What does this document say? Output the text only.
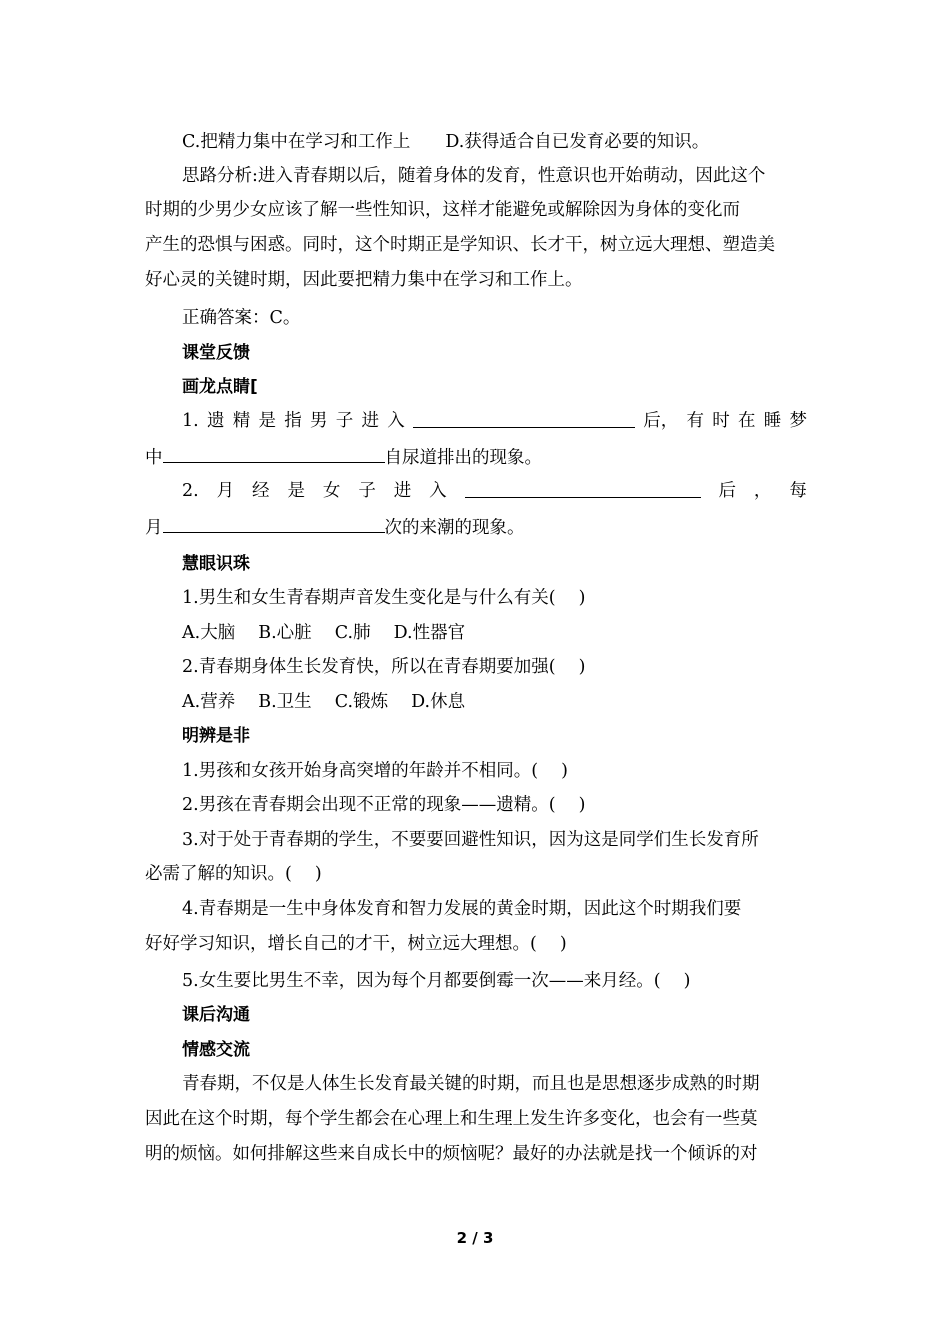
C.把精力集中在学习和工作上　　D.获得适合自已发育必要的知识。
思路分析:进入青春期以后，随着身体的发育，性意识也开始萌动，因此这个
时期的少男少女应该了解一些性知识，这样才能避免或解除因为身体的变化而
产生的恐惧与困惑。同时，这个时期正是学知识、长才干，树立远大理想、塑造美
好心灵的关键时期，因此要把精力集中在学习和工作上。
正确答案：C。
课堂反馈
画龙点睛[
1. 遗 精 是 指 男 子 进 入	后， 有 时 在 睡 梦
中	自尿道排出的现象。
2. 月 经 是 女 子 进 入	后 ， 每
月	次的来潮的现象。
慧眼识珠
1.男生和女生青春期声音发生变化是与什么有关(　 )
A.大脑　 B.心脏　 C.肺　 D.性器官
2.青春期身体生长发育快，所以在青春期要加强(　 )
A.营养　 B.卫生　 C.锻炼　 D.休息
明辨是非
1.男孩和女孩开始身高突增的年龄并不相同。(　 )
2.男孩在青春期会出现不正常的现象——遗精。(　 )
3.对于处于青春期的学生，不要要回避性知识，因为这是同学们生长发育所
必需了解的知识。(　 )
4.青春期是一生中身体发育和智力发展的黄金时期，因此这个时期我们要
好好学习知识，增长自己的才干，树立远大理想。(　 )
5.女生要比男生不幸，因为每个月都要倒霉一次——来月经。(　 )
课后沟通
情感交流
青春期，不仅是人体生长发育最关键的时期，而且也是思想逐步成熟的时期
因此在这个时期，每个学生都会在心理上和生理上发生许多变化，也会有一些莫
明的烦恼。如何排解这些来自成长中的烦恼呢？最好的办法就是找一个倾诉的对
2 / 3
